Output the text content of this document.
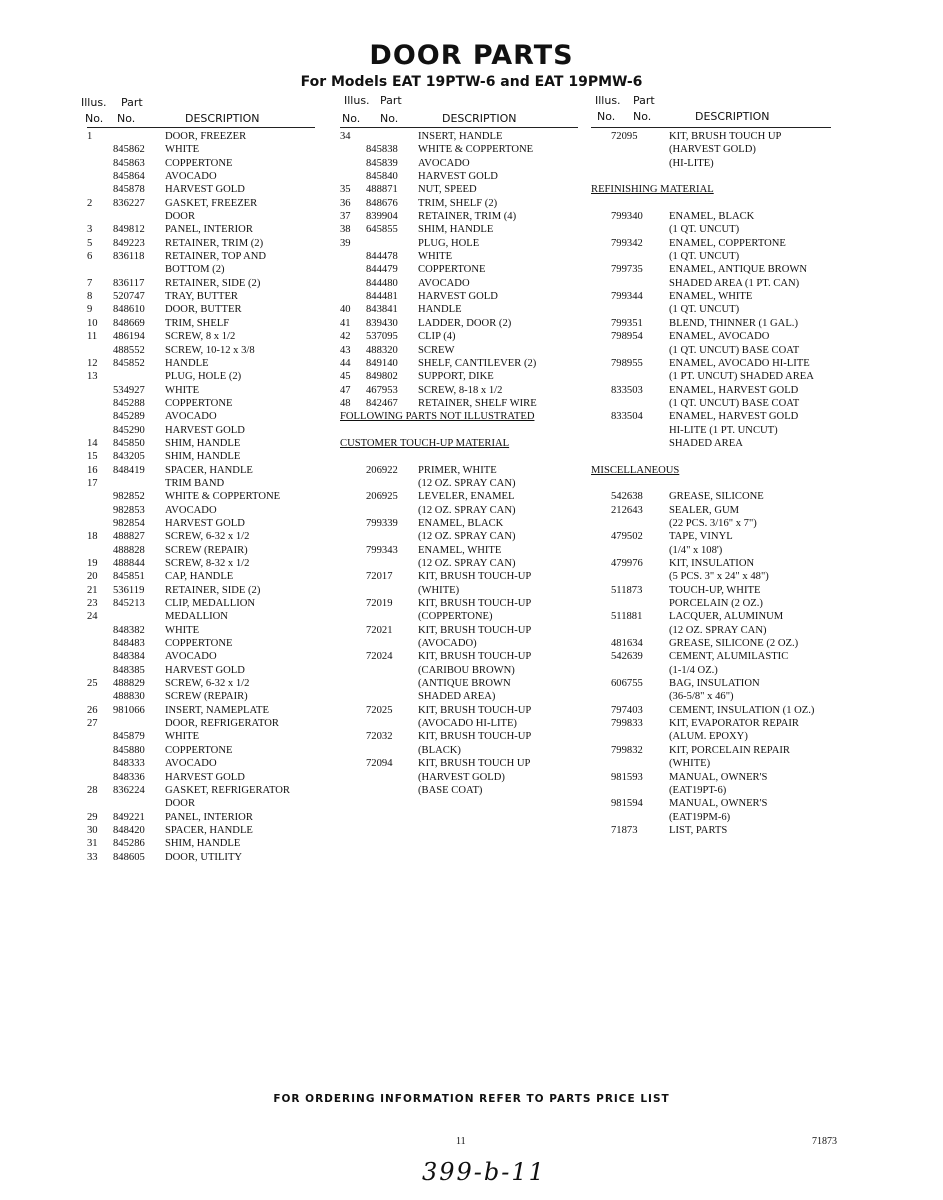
DOOR PARTS
For Models EAT 19PTW-6 and EAT 19PMW-6
Illus. Part
No. No.	DESCRIPTION
1	DOOR, FREEZER
845862 WHITE
845863 COPPERTONE
845864 AVOCADO
845878 HARVEST GOLD
2 836227 GASKET, FREEZER
DOOR
3 849812 PANEL, INTERIOR
5 849223 RETAINER, TRIM (2)
6 836118 RETAINER, TOP AND
BOTTOM (2)
7 836117 RETAINER, SIDE (2)
8 520747 TRAY, BUTTER
9 848610 DOOR, BUTTER
10 848669 TRIM, SHELF
11 486194 SCREW, 8 x 1/2
488552 SCREW, 10-12 x 3/8
12 845852 HANDLE
13	PLUG, HOLE (2)
534927 WHITE
845288 COPPERTONE
845289 AVOCADO
845290 HARVEST GOLD
14 845850 SHIM, HANDLE
15 843205 SHIM, HANDLE
16 848419 SPACER, HANDLE
17	TRIM BAND
982852 WHITE & COPPERTONE
982853 AVOCADO
982854 HARVEST GOLD
18 488827 SCREW, 6-32 x 1/2
488828 SCREW (REPAIR)
19 488844 SCREW, 8-32 x 1/2
20 845851 CAP, HANDLE
21 536119 RETAINER, SIDE (2)
23 845213 CLIP, MEDALLION
24	MEDALLION
848382 WHITE
848483 COPPERTONE
848384 AVOCADO
848385 HARVEST GOLD
25 488829 SCREW, 6-32 x 1/2
488830 SCREW (REPAIR)
26 981066 INSERT, NAMEPLATE
27	DOOR, REFRIGERATOR
845879 WHITE
845880 COPPERTONE
848333 AVOCADO
848336 HARVEST GOLD
28 836224 GASKET, REFRIGERATOR
DOOR
29 849221 PANEL, INTERIOR
30 848420 SPACER, HANDLE
31 845286 SHIM, HANDLE
33 848605 DOOR, UTILITY
Illus. Part
No. No.	DESCRIPTION
34	INSERT, HANDLE
845838 WHITE & COPPERTONE
845839 AVOCADO
845840 HARVEST GOLD
35 488871 NUT, SPEED
36 848676 TRIM, SHELF (2)
37 839904 RETAINER, TRIM (4)
38 645855 SHIM, HANDLE
39	PLUG, HOLE
844478 WHITE
844479 COPPERTONE
844480 AVOCADO
844481 HARVEST GOLD
40 843841 HANDLE
41 839430 LADDER, DOOR (2)
42 537095 CLIP (4)
43 488320 SCREW
44 849140 SHELF, CANTILEVER (2)
45 849802 SUPPORT, DIKE
47 467953 SCREW, 8-18 x 1/2
48 842467 RETAINER, SHELF WIRE
FOLLOWING PARTS NOT ILLUSTRATED
CUSTOMER TOUCH-UP MATERIAL
206922 PRIMER, WHITE
(12 OZ. SPRAY CAN)
206925 LEVELER, ENAMEL
(12 OZ. SPRAY CAN)
799339 ENAMEL, BLACK
(12 OZ. SPRAY CAN)
799343 ENAMEL, WHITE
(12 OZ. SPRAY CAN)
72017 KIT, BRUSH TOUCH-UP
(WHITE)
72019 KIT, BRUSH TOUCH-UP
(COPPERTONE)
72021 KIT, BRUSH TOUCH-UP
(AVOCADO)
72024 KIT, BRUSH TOUCH-UP
(CARIBOU BROWN)
(ANTIQUE BROWN
SHADED AREA)
72025 KIT, BRUSH TOUCH-UP
(AVOCADO HI-LITE)
72032 KIT, BRUSH TOUCH-UP
(BLACK)
72094 KIT, BRUSH TOUCH UP
(HARVEST GOLD)
(BASE COAT)
Illus. Part
No. No.	DESCRIPTION
72095	KIT, BRUSH TOUCH UP
(HARVEST GOLD)
(HI-LITE)
REFINISHING MATERIAL
799340 ENAMEL, BLACK
(1 QT. UNCUT)
799342 ENAMEL, COPPERTONE
(1 QT. UNCUT)
799735 ENAMEL, ANTIQUE BROWN
SHADED AREA (1 PT. CAN)
799344 ENAMEL, WHITE
(1 QT. UNCUT)
799351 BLEND, THINNER (1 GAL.)
798954 ENAMEL, AVOCADO
(1 QT. UNCUT) BASE COAT
798955 ENAMEL, AVOCADO HI-LITE
(1 PT. UNCUT) SHADED AREA
833503 ENAMEL, HARVEST GOLD
(1 QT. UNCUT) BASE COAT
833504 ENAMEL, HARVEST GOLD
HI-LITE (1 PT. UNCUT)
SHADED AREA
MISCELLANEOUS
542638 GREASE, SILICONE
212643 SEALER, GUM
(22 PCS. 3/16" x 7")
479502 TAPE, VINYL
(1/4" x 108')
479976 KIT, INSULATION
(5 PCS. 3" x 24" x 48")
511873	TOUCH-UP, WHITE
PORCELAIN (2 OZ.)
511881	LACQUER, ALUMINUM
(12 OZ. SPRAY CAN)
481634 GREASE, SILICONE (2 OZ.)
542639 CEMENT, ALUMILASTIC
(1-1/4 OZ.)
606755 BAG, INSULATION
(36-5/8" x 46")
797403 CEMENT, INSULATION (1 OZ.)
799833 KIT, EVAPORATOR REPAIR
(ALUM. EPOXY)
799832 KIT, PORCELAIN REPAIR
(WHITE)
981593 MANUAL, OWNER'S
(EAT19PT-6)
981594 MANUAL, OWNER'S
(EAT19PM-6)
71873	LIST, PARTS
FOR ORDERING INFORMATION REFER TO PARTS PRICE LIST
11	71873
399-b-11
